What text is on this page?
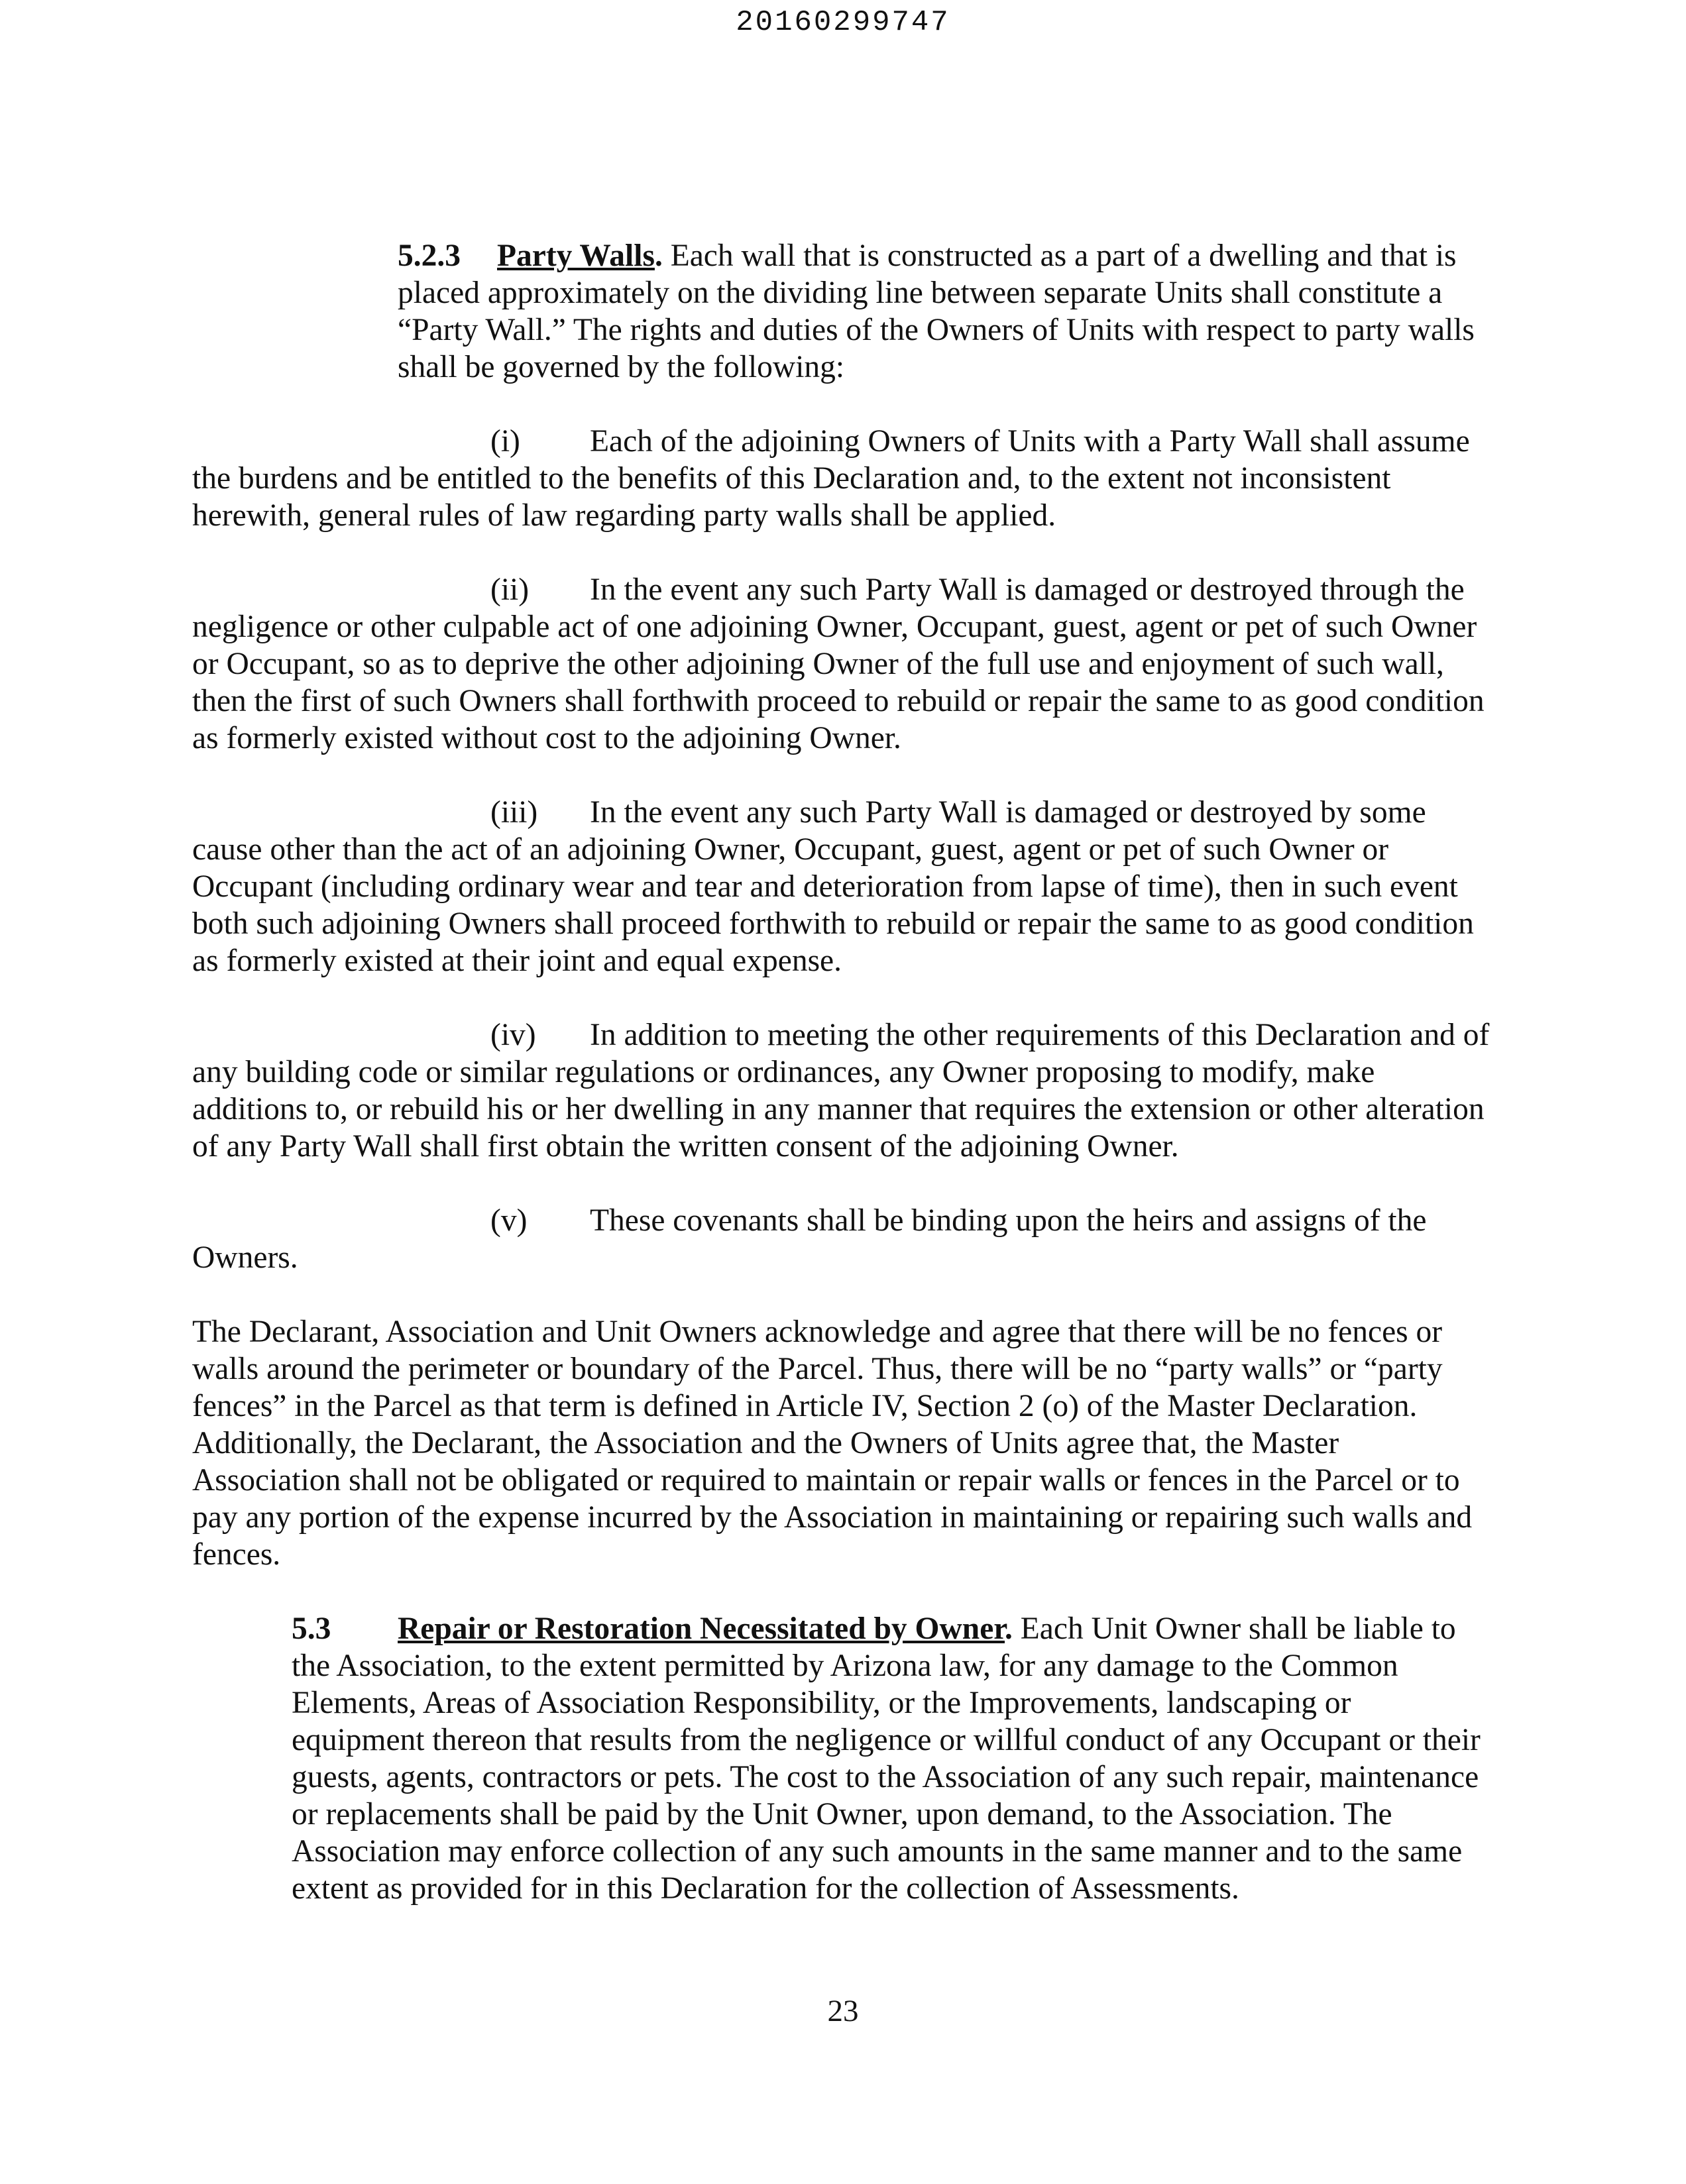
20160299747

5.2.3 Party Walls. Each wall that is constructed as a part of a dwelling and that is placed approximately on the dividing line between separate Units shall constitute a “Party Wall.” The rights and duties of the Owners of Units with respect to party walls shall be governed by the following:

(i) Each of the adjoining Owners of Units with a Party Wall shall assume the burdens and be entitled to the benefits of this Declaration and, to the extent not inconsistent herewith, general rules of law regarding party walls shall be applied.

(ii) In the event any such Party Wall is damaged or destroyed through the negligence or other culpable act of one adjoining Owner, Occupant, guest, agent or pet of such Owner or Occupant, so as to deprive the other adjoining Owner of the full use and enjoyment of such wall, then the first of such Owners shall forthwith proceed to rebuild or repair the same to as good condition as formerly existed without cost to the adjoining Owner.

(iii) In the event any such Party Wall is damaged or destroyed by some cause other than the act of an adjoining Owner, Occupant, guest, agent or pet of such Owner or Occupant (including ordinary wear and tear and deterioration from lapse of time), then in such event both such adjoining Owners shall proceed forthwith to rebuild or repair the same to as good condition as formerly existed at their joint and equal expense.

(iv) In addition to meeting the other requirements of this Declaration and of any building code or similar regulations or ordinances, any Owner proposing to modify, make additions to, or rebuild his or her dwelling in any manner that requires the extension or other alteration of any Party Wall shall first obtain the written consent of the adjoining Owner.

(v) These covenants shall be binding upon the heirs and assigns of the

Owners.

The Declarant, Association and Unit Owners acknowledge and agree that there will be no fences or walls around the perimeter or boundary of the Parcel. Thus, there will be no “party walls” or “party fences” in the Parcel as that term is defined in Article IV, Section 2 (o) of the Master Declaration. Additionally, the Declarant, the Association and the Owners of Units agree that, the Master Association shall not be obligated or required to maintain or repair walls or fences in the Parcel or to pay any portion of the expense incurred by the Association in maintaining or repairing such walls and fences.

5.3 Repair or Restoration Necessitated by Owner. Each Unit Owner shall be liable to the Association, to the extent permitted by Arizona law, for any damage to the Common Elements, Areas of Association Responsibility, or the Improvements, landscaping or equipment thereon that results from the negligence or willful conduct of any Occupant or their guests, agents, contractors or pets. The cost to the Association of any such repair, maintenance or replacements shall be paid by the Unit Owner, upon demand, to the Association. The Association may enforce collection of any such amounts in the same manner and to the same extent as provided for in this Declaration for the collection of Assessments.

23
